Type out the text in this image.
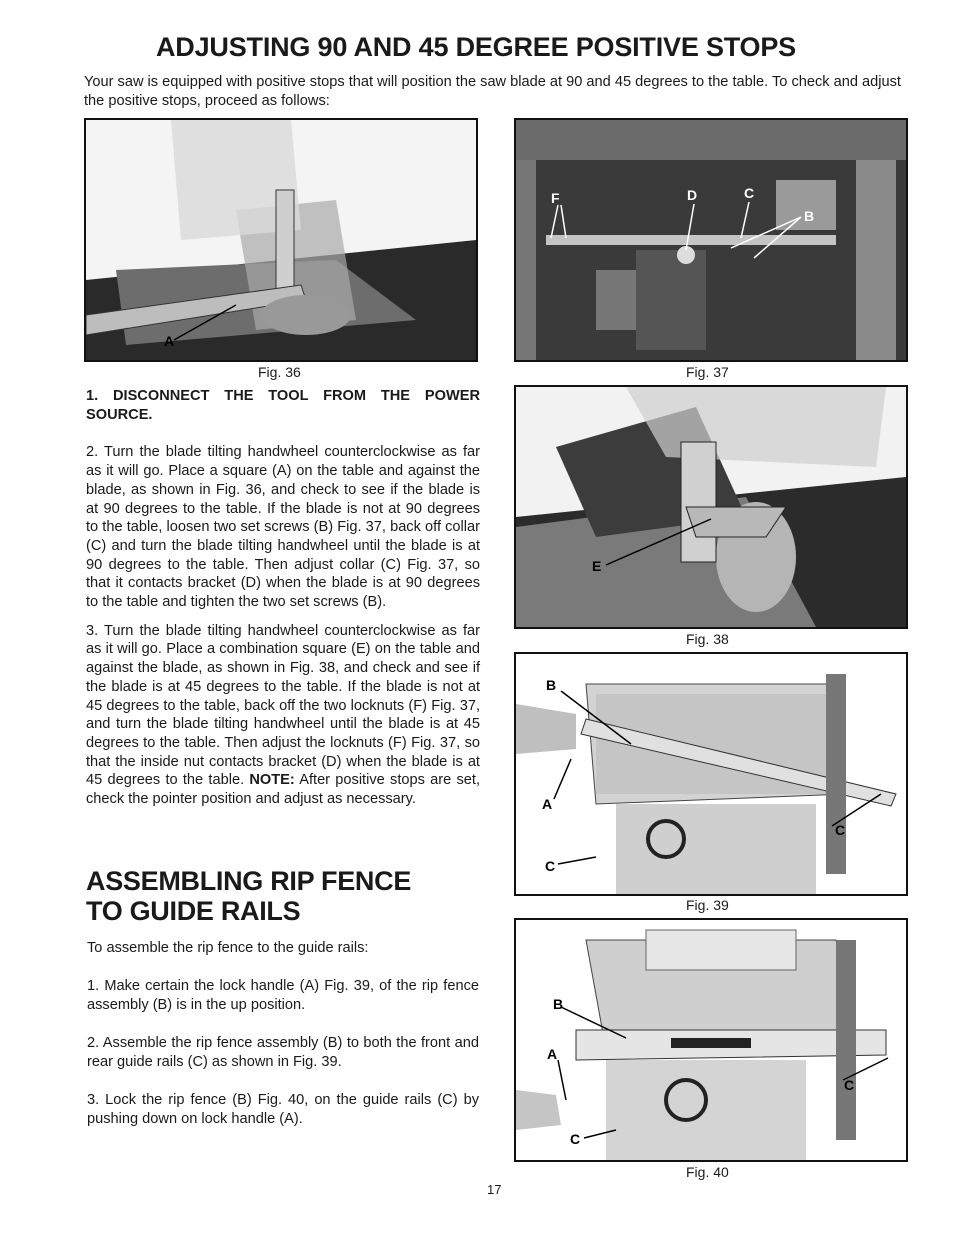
ADJUSTING 90 AND 45 DEGREE POSITIVE STOPS
Your saw is equipped with positive stops that will position the saw blade at 90 and 45 degrees to the table. To check and adjust the positive stops, proceed as follows:
A
Fig. 36
F	D	C
B
Fig. 37

1. DISCONNECT THE TOOL FROM THE POWER SOURCE.

2. Turn the blade tilting handwheel counterclockwise as far as it will go. Place a square (A) on the table and against the blade, as shown in Fig. 36, and check to see if the blade is at 90 degrees to the table. If the blade is not at 90 degrees to the table, loosen two set screws (B) Fig. 37, back off collar (C) and turn the blade tilting handwheel until the blade is at 90 degrees to the table. Then adjust collar (C) Fig. 37, so that it contacts bracket (D) when the blade is at 90 degrees to the table and tighten the two set screws (B).

3. Turn the blade tilting handwheel counterclockwise as far as it will go. Place a combination square (E) on the table and against the blade, as shown in Fig. 38, and check and see if the blade is at 45 degrees to the table. If the blade is not at 45 degrees to the table, back off the two locknuts (F) Fig. 37, and turn the blade tilting handwheel until the blade is at 45 degrees to the table. Then adjust the locknuts (F) Fig. 37, so that the inside nut contacts bracket (D) when the blade is at 45 degrees to the table. NOTE: After positive stops are set, check the pointer position and adjust as necessary.

E
Fig. 38
B
A
C
C
Fig. 39
ASSEMBLING RIP FENCE
TO GUIDE RAILS

To assemble the rip fence to the guide rails:

1. Make certain the lock handle (A) Fig. 39, of the rip fence assembly (B) is in the up position.

2. Assemble the rip fence assembly (B) to both the front and rear guide rails (C) as shown in Fig. 39.

3. Lock the rip fence (B) Fig. 40, on the guide rails (C) by pushing down on lock handle (A).

B
A
C
C
Fig. 40
17
